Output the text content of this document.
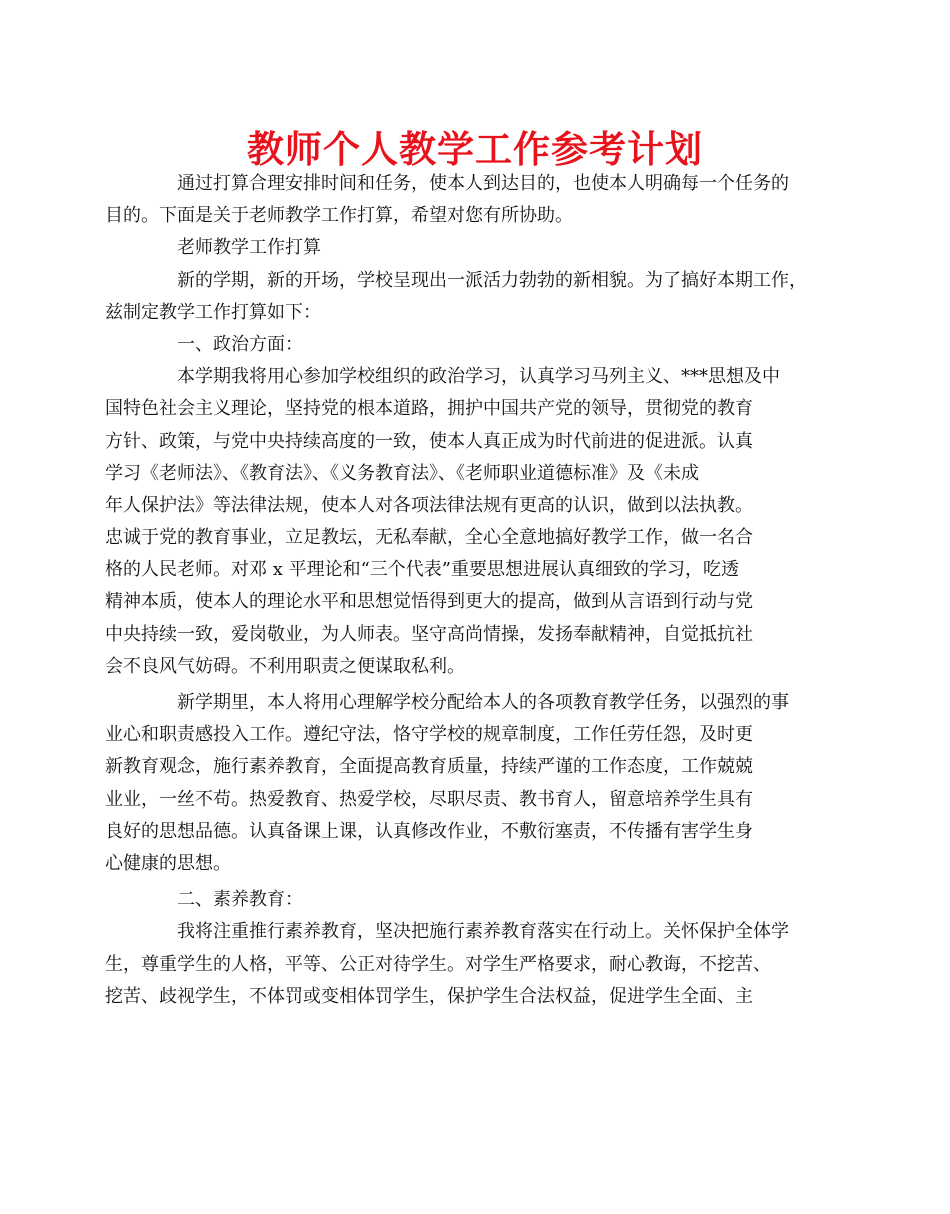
教师个人教学工作参考计划
通过打算合理安排时间和任务，使本人到达目的，也使本人明确每一个任务的
目的。下面是关于老师教学工作打算，希望对您有所协助。
老师教学工作打算
新的学期，新的开场，学校呈现出一派活力勃勃的新相貌。为了搞好本期工作，
兹制定教学工作打算如下：
一、政治方面：
本学期我将用心参加学校组织的政治学习，认真学习马列主义、***思想及中
国特色社会主义理论，坚持党的根本道路，拥护中国共产党的领导，贯彻党的教育
方针、政策，与党中央持续高度的一致，使本人真正成为时代前进的促进派。认真
学习《老师法》、《教育法》、《义务教育法》、《老师职业道德标准》及《未成
年人保护法》等法律法规，使本人对各项法律法规有更高的认识，做到以法执教。
忠诚于党的教育事业，立足教坛，无私奉献，全心全意地搞好教学工作，做一名合
格的人民老师。对邓 x 平理论和“三个代表”重要思想进展认真细致的学习，吃透
精神本质，使本人的理论水平和思想觉悟得到更大的提高，做到从言语到行动与党
中央持续一致，爱岗敬业，为人师表。坚守高尚情操，发扬奉献精神，自觉抵抗社
会不良风气妨碍。不利用职责之便谋取私利。
新学期里，本人将用心理解学校分配给本人的各项教育教学任务，以强烈的事
业心和职责感投入工作。遵纪守法，恪守学校的规章制度，工作任劳任怨，及时更
新教育观念，施行素养教育，全面提高教育质量，持续严谨的工作态度，工作兢兢
业业，一丝不苟。热爱教育、热爱学校，尽职尽责、教书育人，留意培养学生具有
良好的思想品德。认真备课上课，认真修改作业，不敷衍塞责，不传播有害学生身
心健康的思想。
二、素养教育：
我将注重推行素养教育，坚决把施行素养教育落实在行动上。关怀保护全体学
生，尊重学生的人格，平等、公正对待学生。对学生严格要求，耐心教诲，不挖苦、
挖苦、歧视学生，不体罚或变相体罚学生，保护学生合法权益，促进学生全面、主
